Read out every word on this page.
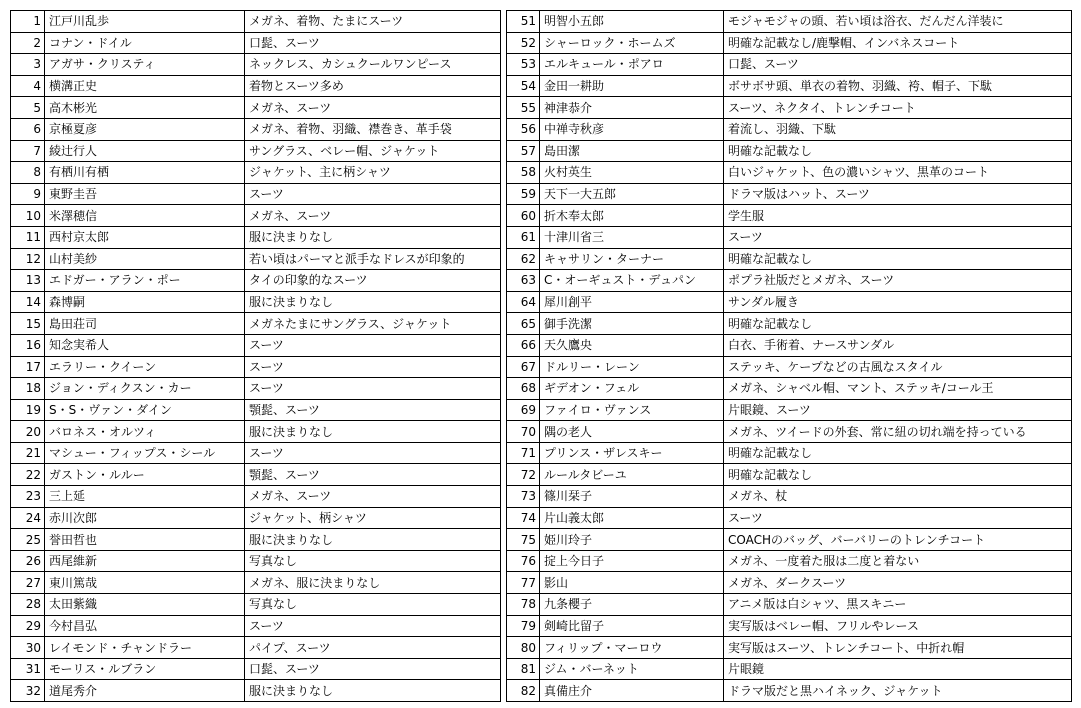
1	江戸川乱歩	メガネ、着物、たまにスーツ		51	明智小五郎	モジャモジャの頭、若い頃は浴衣、だんだん洋装に
2	コナン・ドイル	口髭、スーツ		52	シャーロック・ホームズ	明確な記載なし/鹿撃帽、インバネスコート
3	アガサ・クリスティ	ネックレス、カシュクールワンピース		53	エルキュール・ポアロ	口髭、スーツ
4	横溝正史	着物とスーツ多め		54	金田一耕助	ボサボサ頭、単衣の着物、羽織、袴、帽子、下駄
5	高木彬光	メガネ、スーツ		55	神津恭介	スーツ、ネクタイ、トレンチコート
6	京極夏彦	メガネ、着物、羽織、襟巻き、革手袋		56	中禅寺秋彦	着流し、羽織、下駄
7	綾辻行人	サングラス、ベレー帽、ジャケット		57	島田潔	明確な記載なし
8	有栖川有栖	ジャケット、主に柄シャツ		58	火村英生	白いジャケット、色の濃いシャツ、黒革のコート
9	東野圭吾	スーツ		59	天下一大五郎	ドラマ版はハット、スーツ
10	米澤穂信	メガネ、スーツ		60	折木奉太郎	学生服
11	西村京太郎	服に決まりなし		61	十津川省三	スーツ
12	山村美紗	若い頃はパーマと派手なドレスが印象的		62	キャサリン・ターナー	明確な記載なし
13	エドガー・アラン・ポー	タイの印象的なスーツ		63	C・オーギュスト・デュパン	ポプラ社版だとメガネ、スーツ
14	森博嗣	服に決まりなし		64	犀川創平	サンダル履き
15	島田荘司	メガネたまにサングラス、ジャケット		65	御手洗潔	明確な記載なし
16	知念実希人	スーツ		66	天久鷹央	白衣、手術着、ナースサンダル
17	エラリー・クイーン	スーツ		67	ドルリー・レーン	ステッキ、ケープなどの古風なスタイル
18	ジョン・ディクスン・カー	スーツ		68	ギデオン・フェル	メガネ、シャベル帽、マント、ステッキ/コール王
19	S・S・ヴァン・ダイン	顎髭、スーツ		69	ファイロ・ヴァンス	片眼鏡、スーツ
20	バロネス・オルツィ	服に決まりなし		70	隅の老人	メガネ、ツイードの外套、常に紐の切れ端を持っている
21	マシュー・フィップス・シール	スーツ		71	プリンス・ザレスキー	明確な記載なし
22	ガストン・ルルー	顎髭、スーツ		72	ルールタビーユ	明確な記載なし
23	三上延	メガネ、スーツ		73	篠川栞子	メガネ、杖
24	赤川次郎	ジャケット、柄シャツ		74	片山義太郎	スーツ
25	誉田哲也	服に決まりなし		75	姫川玲子	COACHのバッグ、バーバリーのトレンチコート
26	西尾維新	写真なし		76	掟上今日子	メガネ、一度着た服は二度と着ない
27	東川篤哉	メガネ、服に決まりなし		77	影山	メガネ、ダークスーツ
28	太田紫織	写真なし		78	九条櫻子	アニメ版は白シャツ、黒スキニー
29	今村昌弘	スーツ		79	剣崎比留子	実写版はベレー帽、フリルやレース
30	レイモンド・チャンドラー	パイプ、スーツ		80	フィリップ・マーロウ	実写版はスーツ、トレンチコート、中折れ帽
31	モーリス・ルブラン	口髭、スーツ		81	ジム・バーネット	片眼鏡
32	道尾秀介	服に決まりなし		82	真備庄介	ドラマ版だと黒ハイネック、ジャケット
